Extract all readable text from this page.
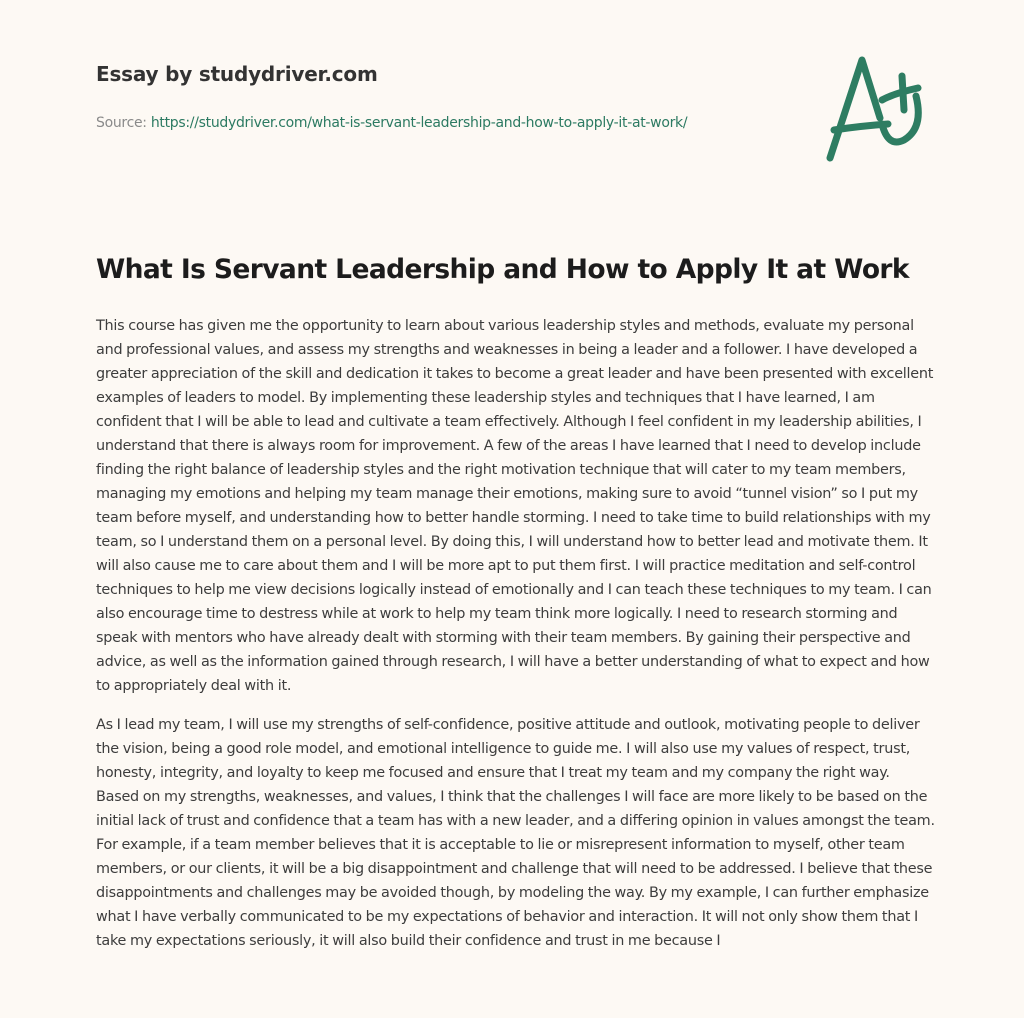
Essay by studydriver.com
Source: https://studydriver.com/what-is-servant-leadership-and-how-to-apply-it-at-work/
What Is Servant Leadership and How to Apply It at Work

This course has given me the opportunity to learn about various leadership styles and methods, evaluate my personal and professional values, and assess my strengths and weaknesses in being a leader and a follower. I have developed a greater appreciation of the skill and dedication it takes to become a great leader and have been presented with excellent examples of leaders to model. By implementing these leadership styles and techniques that I have learned, I am confident that I will be able to lead and cultivate a team effectively. Although I feel confident in my leadership abilities, I understand that there is always room for improvement. A few of the areas I have learned that I need to develop include finding the right balance of leadership styles and the right motivation technique that will cater to my team members, managing my emotions and helping my team manage their emotions, making sure to avoid “tunnel vision” so I put my team before myself, and understanding how to better handle storming. I need to take time to build relationships with my team, so I understand them on a personal level. By doing this, I will understand how to better lead and motivate them. It will also cause me to care about them and I will be more apt to put them first. I will practice meditation and self-control techniques to help me view decisions logically instead of emotionally and I can teach these techniques to my team. I can also encourage time to destress while at work to help my team think more logically. I need to research storming and speak with mentors who have already dealt with storming with their team members. By gaining their perspective and advice, as well as the information gained through research, I will have a better understanding of what to expect and how to appropriately deal with it.

As I lead my team, I will use my strengths of self-confidence, positive attitude and outlook, motivating people to deliver the vision, being a good role model, and emotional intelligence to guide me. I will also use my values of respect, trust, honesty, integrity, and loyalty to keep me focused and ensure that I treat my team and my company the right way. Based on my strengths, weaknesses, and values, I think that the challenges I will face are more likely to be based on the initial lack of trust and confidence that a team has with a new leader, and a differing opinion in values amongst the team. For example, if a team member believes that it is acceptable to lie or misrepresent information to myself, other team members, or our clients, it will be a big disappointment and challenge that will need to be addressed. I believe that these disappointments and challenges may be avoided though, by modeling the way. By my example, I can further emphasize what I have verbally communicated to be my expectations of behavior and interaction. It will not only show them that I take my expectations seriously, it will also build their confidence and trust in me because I
